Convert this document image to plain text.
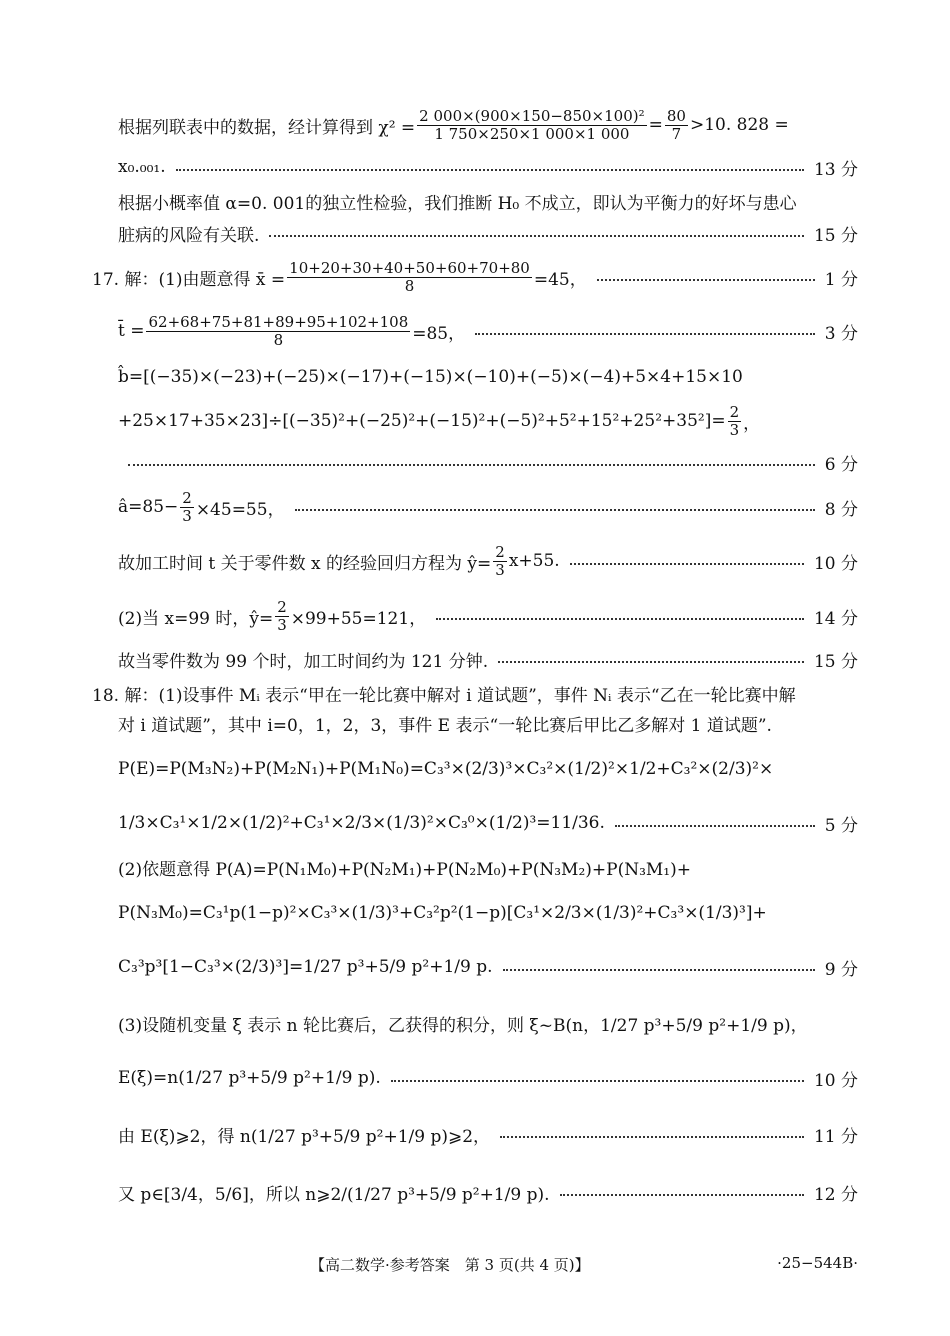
根据列联表中的数据，经计算得到 $\chi^2 = \frac{\text{2 000×(900×150−850×100)²}}{1 750\times 250\times 1 000\times 1 000} = \frac{80}{7} >10$. 828 =
x₀.₀₀₁.	13 分
根据小概率值 α=0. 001的独立性检验，我们推断 H₀ 不成立，即认为平衡力的好坏与患心
脏病的风险有关联.	15 分
17. 解：(1)由题意得 x̄ = $\frac{10+20+30+40+50+60+70+80}{8} =45$，	1 分
t̄ = $\frac{62+68+75+81+89+95+102+108}{8} =85$，	3 分
b̂=[(−35)×(−23)+(−25)×(−17)+(−15)×(−10)+(−5)×(−4)+5×4+15×10
$+25\times 17+35\times 23]\div[(-35)^2+(-25)^2+(-15)^2+(-5)^2+5^2+15^2+25^2+35^2]= \frac{2}{3}$ ，
6 分
â=85− $\frac{2}{3} \times 45=55$，	8 分
故加工时间 t 关于零件数 x 的经验回归方程为 ŷ= $\frac{2}{3} x+55$.	10 分
(2)当 x=99 时，ŷ= $\frac{2}{3} \times 99+55=121$，	14 分
故当零件数为 99 个时，加工时间约为 121 分钟.	15 分
18. 解：(1)设事件 Mᵢ 表示“甲在一轮比赛中解对 i 道试题”，事件 Nᵢ 表示“乙在一轮比赛中解
对 i 道试题”，其中 i=0，1，2，3，事件 E 表示“一轮比赛后甲比乙多解对 1 道试题”.
P(E)=P(M₃N₂)+P(M₂N₁)+P(M₁N₀)=C₃³×(2/3)³×C₃²×(1/2)²×1/2+C₃²×(2/3)²×
1/3×C₃¹×1/2×(1/2)²+C₃¹×2/3×(1/3)²×C₃⁰×(1/2)³=11/36.	5 分
(2)依题意得 P(A)=P(N₁M₀)+P(N₂M₁)+P(N₂M₀)+P(N₃M₂)+P(N₃M₁)+
P(N₃M₀)=C₃¹p(1−p)²×C₃³×(1/3)³+C₃²p²(1−p)[C₃¹×2/3×(1/3)²+C₃³×(1/3)³]+
C₃³p³[1−C₃³×(2/3)³]=1/27 p³+5/9 p²+1/9 p.	9 分
(3)设随机变量 ξ 表示 n 轮比赛后，乙获得的积分，则 ξ~B(n，1/27 p³+5/9 p²+1/9 p)，
E(ξ)=n(1/27 p³+5/9 p²+1/9 p).	10 分
由 E(ξ)⩾2，得 n(1/27 p³+5/9 p²+1/9 p)⩾2，	11 分
又 p∈[3/4，5/6]，所以 n⩾2/(1/27 p³+5/9 p²+1/9 p).	12 分
【高二数学·参考答案　第 3 页(共 4 页)】	·25−544B·
